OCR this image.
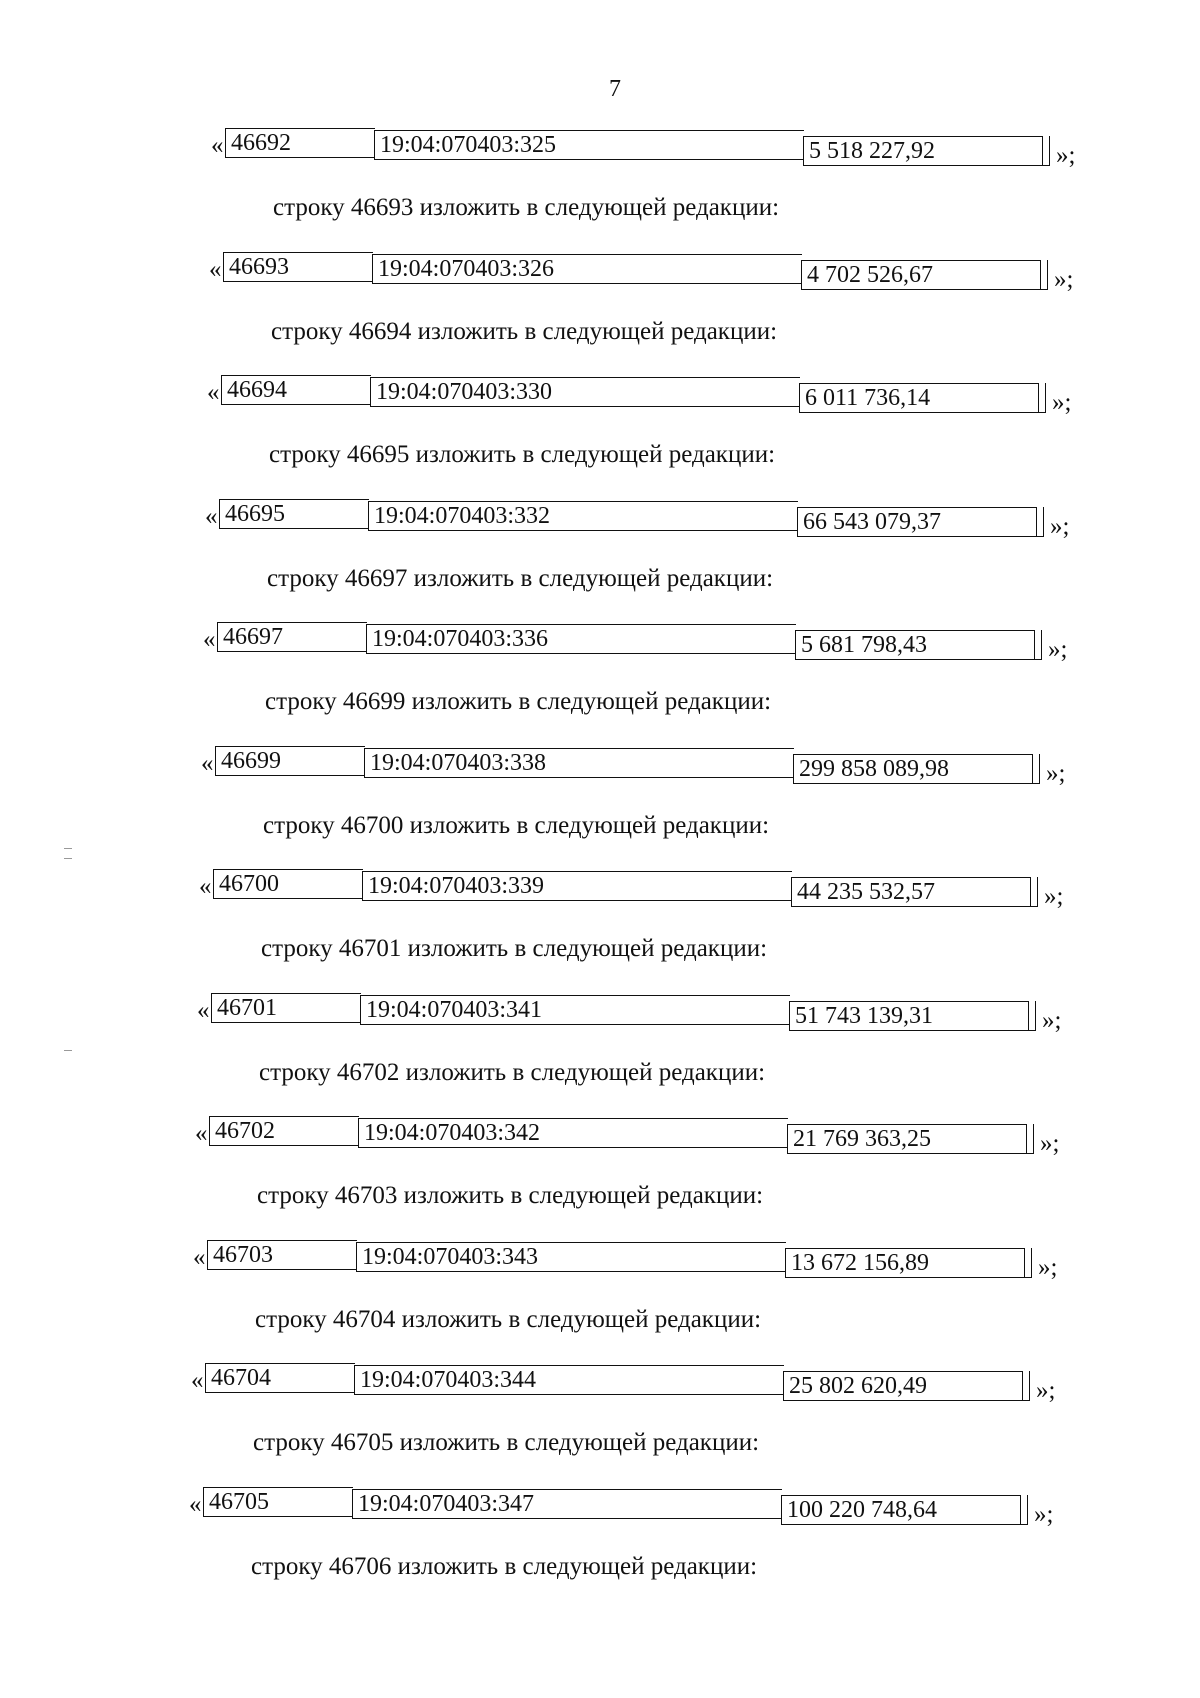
7
« 46692	19:04:070403:325	5 518 227,92	»;
« 46693	19:04:070403:326	4 702 526,67	»;
« 46694	19:04:070403:330	6 011 736,14	»;
« 46695	19:04:070403:332	66 543 079,37	»;
« 46697	19:04:070403:336	5 681 798,43	»;
« 46699	19:04:070403:338	299 858 089,98	»;
« 46700	19:04:070403:339	44 235 532,57	»;
« 46701	19:04:070403:341	51 743 139,31	»;
« 46702	19:04:070403:342	21 769 363,25	»;
« 46703	19:04:070403:343	13 672 156,89	»;
« 46704	19:04:070403:344	25 802 620,49	»;
« 46705	19:04:070403:347	100 220 748,64	»;
строку 46693 изложить в следующей редакции:
строку 46694 изложить в следующей редакции:
строку 46695 изложить в следующей редакции:
строку 46697 изложить в следующей редакции:
строку 46699 изложить в следующей редакции:
строку 46700 изложить в следующей редакции:
строку 46701 изложить в следующей редакции:
строку 46702 изложить в следующей редакции:
строку 46703 изложить в следующей редакции:
строку 46704 изложить в следующей редакции:
строку 46705 изложить в следующей редакции:
строку 46706 изложить в следующей редакции:
